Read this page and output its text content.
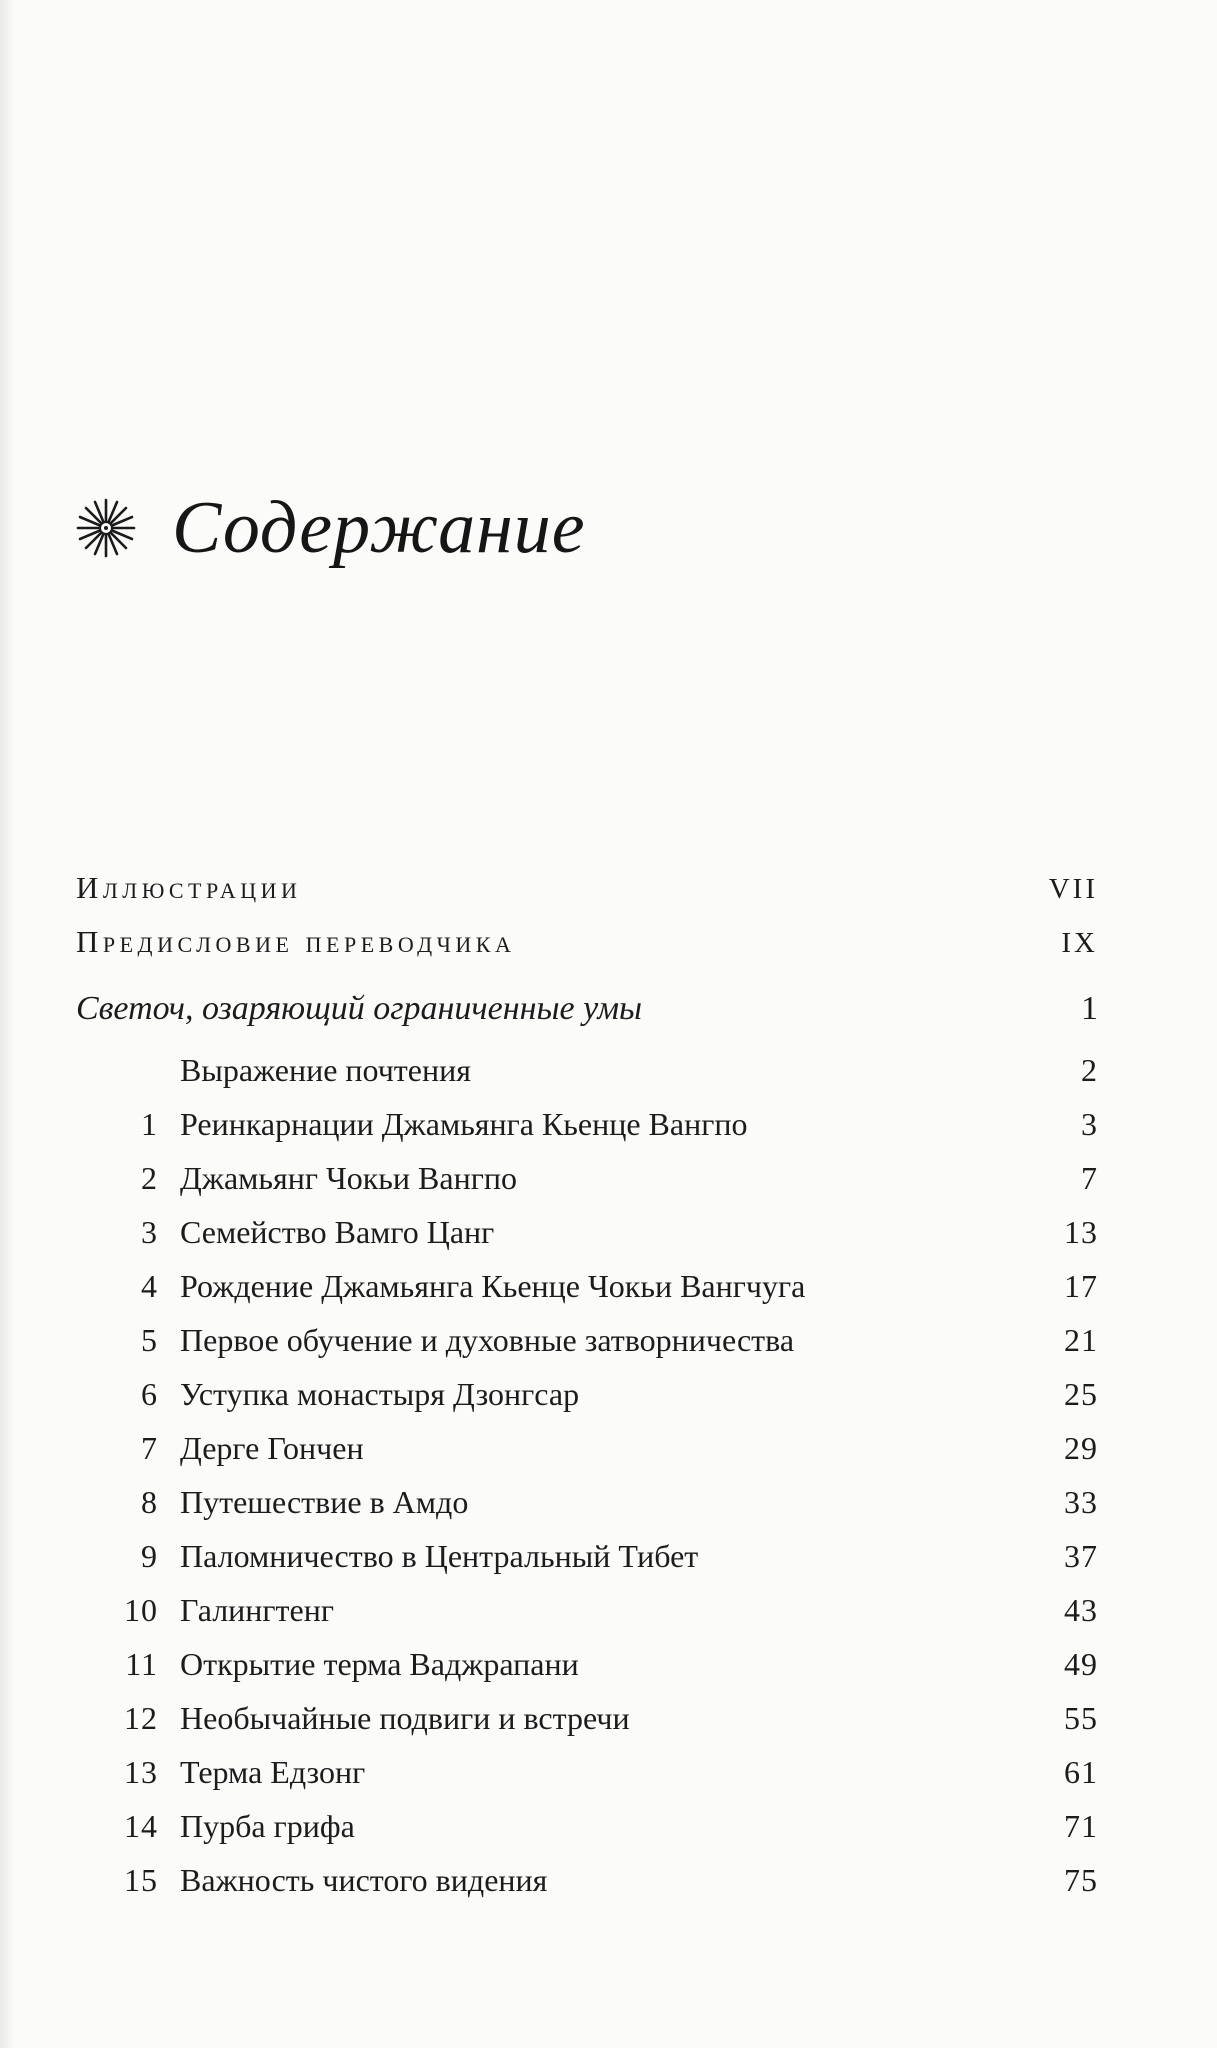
Содержание
Иллюстрации	VII
Предисловие переводчика	IX
Светоч, озаряющий ограниченные умы	1
Выражение почтения	2
1 Реинкарнации Джамьянга Кьенце Вангпо	3
2 Джамьянг Чокьи Вангпо	7
3 Семейство Вамго Цанг	13
4 Рождение Джамьянга Кьенце Чокьи Вангчуга	17
5 Первое обучение и духовные затворничества	21
6 Уступка монастыря Дзонгсар	25
7 Дерге Гончен	29
8 Путешествие в Амдо	33
9 Паломничество в Центральный Тибет	37
10 Галингтенг	43
11 Открытие терма Ваджрапани	49
12 Необычайные подвиги и встречи	55
13 Терма Едзонг	61
14 Пурба грифа	71
15 Важность чистого видения	75
